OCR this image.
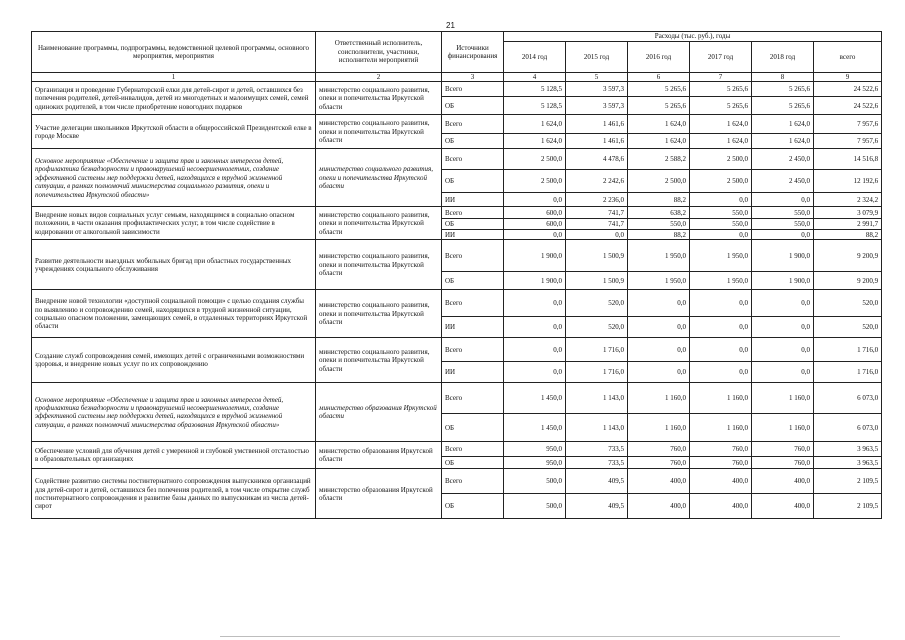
21
Наименование программы, подпрограммы, ведомственной целевой программы, основного мероприятия, мероприятия	Ответственный исполнитель, соисполнители, участники, исполнители мероприятий	Источники финансирования	Расходы (тыс. руб.), годы					
			2014 год	2015 год	2016 год	2017 год	2018 год	всего
1	2	3	4	5	6	7	8	9
Организация и проведение Губернаторской елки для детей-сирот и детей, оставшихся без попечения родителей, детей-инвалидов, детей из многодетных и малоимущих семей, семей одиноких родителей, в том числе приобретение новогодних подарков	министерство социального развития, опеки и попечительства Иркутской области	Всего	5 128,5	3 597,3	5 265,6	5 265,6	5 265,6	24 522,6
		ОБ	5 128,5	3 597,3	5 265,6	5 265,6	5 265,6	24 522,6
Участие делегации школьников Иркутской области в общероссийской Президентской елке в городе Москве	министерство социального развития, опеки и попечительства Иркутской области	Всего	1 624,0	1 461,6	1 624,0	1 624,0	1 624,0	7 957,6
		ОБ	1 624,0	1 461,6	1 624,0	1 624,0	1 624,0	7 957,6
Основное мероприятие «Обеспечение и защита прав и законных интересов детей, профилактика безнадзорности и правонарушений несовершеннолетних, создание эффективной системы мер поддержки детей, находящихся в трудной жизненной ситуации, в рамках полномочий министерства социального развития, опеки и попечительства Иркутской области»	министерство социального развития, опеки и попечительства Иркутской области	Всего	2 500,0	4 478,6	2 588,2	2 500,0	2 450,0	14 516,8
		ОБ	2 500,0	2 242,6	2 500,0	2 500,0	2 450,0	12 192,6
		ИИ	0,0	2 236,0	88,2	0,0	0,0	2 324,2
Внедрение новых видов социальных услуг семьям, находящимся в социально опасном положении, в части оказания профилактических услуг, в том числе содействие в кодировании от алкогольной зависимости	министерство социального развития, опеки и попечительства Иркутской области	Всего	600,0	741,7	638,2	550,0	550,0	3 079,9
		ОБ	600,0	741,7	550,0	550,0	550,0	2 991,7
		ИИ	0,0	0,0	88,2	0,0	0,0	88,2
Развитие деятельности выездных мобильных бригад при областных государственных учреждениях социального обслуживания	министерство социального развития, опеки и попечительства Иркутской области	Всего	1 900,0	1 500,9	1 950,0	1 950,0	1 900,0	9 200,9
		ОБ	1 900,0	1 500,9	1 950,0	1 950,0	1 900,0	9 200,9
Внедрение новой технологии «доступной социальной помощи» с целью создания службы по выявлению и сопровождению семей, находящихся в трудной жизненной ситуации, социально опасном положении, замещающих семей, в отдаленных территориях Иркутской области	министерство социального развития, опеки и попечительства Иркутской области	Всего	0,0	520,0	0,0	0,0	0,0	520,0
		ИИ	0,0	520,0	0,0	0,0	0,0	520,0
Создание служб сопровождения семей, имеющих детей с ограниченными возможностями здоровья, и внедрение новых услуг по их сопровождению	министерство социального развития, опеки и попечительства Иркутской области	Всего	0,0	1 716,0	0,0	0,0	0,0	1 716,0
		ИИ	0,0	1 716,0	0,0	0,0	0,0	1 716,0
Основное мероприятие «Обеспечение и защита прав и законных интересов детей, профилактика безнадзорности и правонарушений несовершеннолетних, создание эффективной системы мер поддержки детей, находящихся в трудной жизненной ситуации, в рамках полномочий министерства образования Иркутской области»	министерство образования Иркутской области	Всего	1 450,0	1 143,0	1 160,0	1 160,0	1 160,0	6 073,0
		ОБ	1 450,0	1 143,0	1 160,0	1 160,0	1 160,0	6 073,0
Обеспечение условий для обучения детей с умеренной и глубокой умственной отсталостью в образовательных организациях	министерство образования Иркутской области	Всего	950,0	733,5	760,0	760,0	760,0	3 963,5
		ОБ	950,0	733,5	760,0	760,0	760,0	3 963,5
Содействие развитию системы постинтернатного сопровождения выпускников организаций для детей-сирот и детей, оставшихся без попечения родителей, в том числе открытие служб постинтернатного сопровождения и развитие базы данных по выпускникам из числа детей-сирот	министерство образования Иркутской области	Всего	500,0	409,5	400,0	400,0	400,0	2 109,5
		ОБ	500,0	409,5	400,0	400,0	400,0	2 109,5
